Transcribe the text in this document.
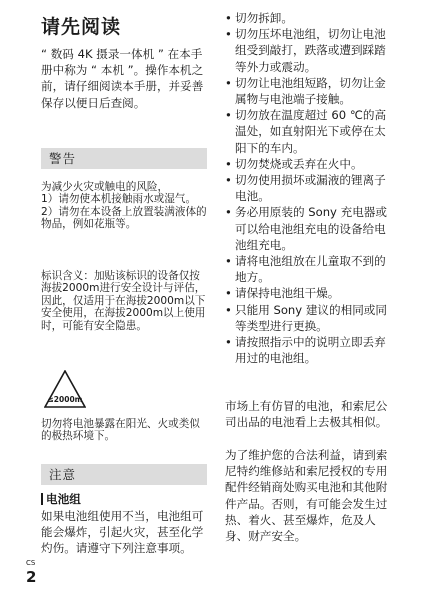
请先阅读

“ 数码 4K 摄录一体机 ” 在本手册中称为 “ 本机 ”。操作本机之前，请仔细阅读本手册，并妥善保存以便日后查阅。

警告

为减少火灾或触电的风险，

1）请勿使本机接触雨水或湿气。

2）请勿在本设备上放置装满液体的物品，例如花瓶等。

标识含义：加贴该标识的设备仅按海拔2000m进行安全设计与评估，因此，仅适用于在海拔2000m以下安全使用，在海拔2000m以上使用时，可能有安全隐患。

≤2000m

切勿将电池暴露在阳光、火或类似的极热环境下。

注意
电池组

如果电池组使用不当，电池组可能会爆炸，引起火灾，甚至化学灼伤。请遵守下列注意事项。

CS
2
• 切勿拆卸。
• 切勿压坏电池组，切勿让电池组受到敲打，跌落或遭到踩踏等外力或震动。
• 切勿让电池组短路，切勿让金属物与电池端子接触。
• 切勿放在温度超过 60 ℃的高温处，如直射阳光下或停在太阳下的车内。
• 切勿焚烧或丢弃在火中。
• 切勿使用损坏或漏液的锂离子电池。
• 务必用原装的 Sony 充电器或可以给电池组充电的设备给电池组充电。
• 请将电池组放在儿童取不到的地方。
• 请保持电池组干燥。
• 只能用 Sony 建议的相同或同等类型进行更换。
• 请按照指示中的说明立即丢弃用过的电池组。

市场上有仿冒的电池，和索尼公司出品的电池看上去极其相似。

为了维护您的合法利益，请到索尼特约维修站和索尼授权的专用配件经销商处购买电池和其他附件产品。否则，有可能会发生过热、着火、甚至爆炸，危及人身、财产安全。
